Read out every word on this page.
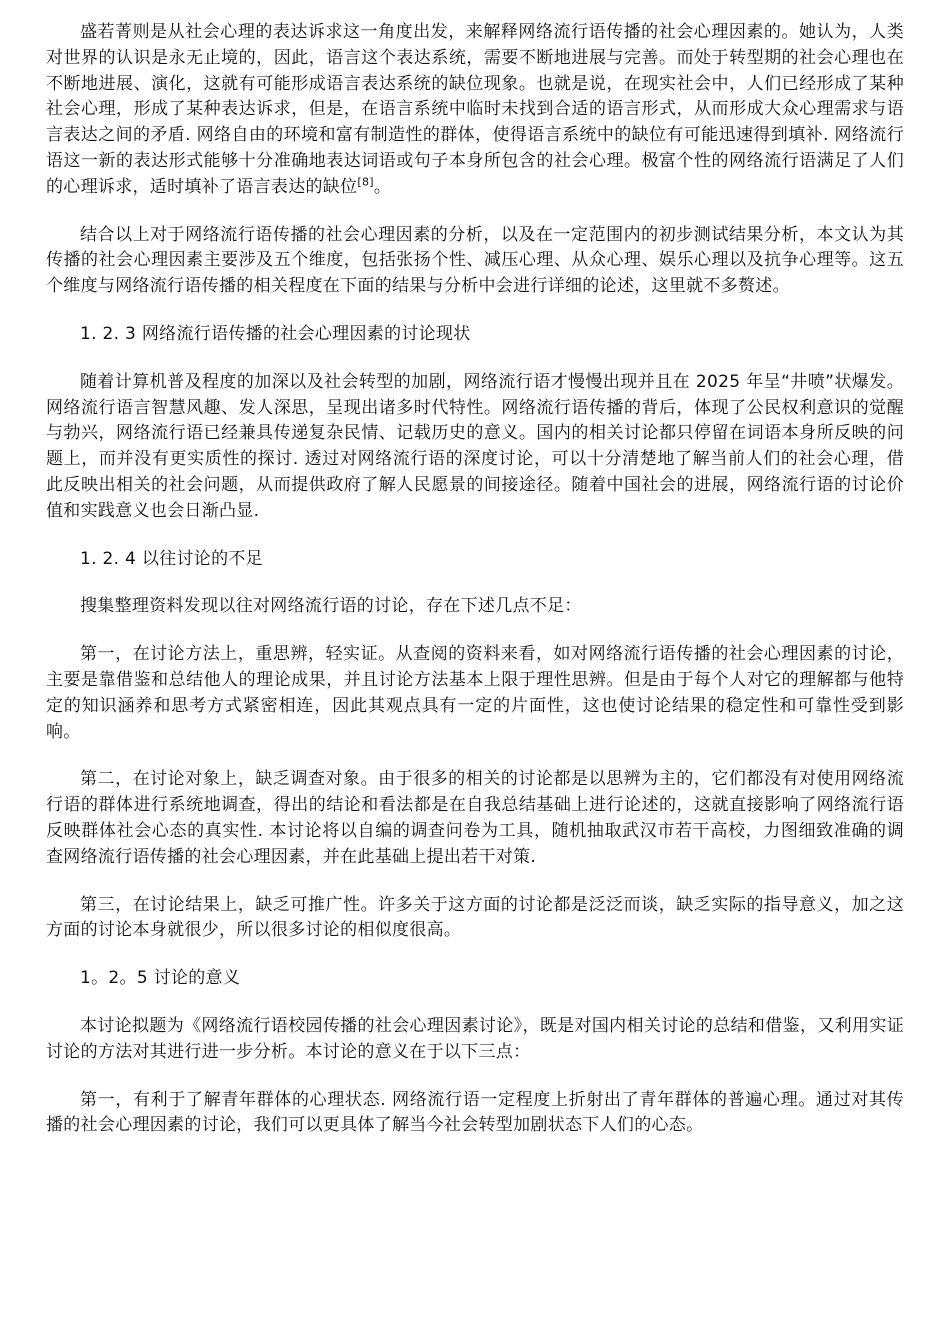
盛若菁则是从社会心理的表达诉求这一角度出发，来解释网络流行语传播的社会心理因素的。她认为，人类对世界的认识是永无止境的，因此，语言这个表达系统，需要不断地进展与完善。而处于转型期的社会心理也在不断地进展、演化，这就有可能形成语言表达系统的缺位现象。也就是说，在现实社会中，人们已经形成了某种社会心理，形成了某种表达诉求，但是，在语言系统中临时未找到合适的语言形式，从而形成大众心理需求与语言表达之间的矛盾. 网络自由的环境和富有制造性的群体，使得语言系统中的缺位有可能迅速得到填补. 网络流行语这一新的表达形式能够十分准确地表达词语或句子本身所包含的社会心理。极富个性的网络流行语满足了人们的心理诉求，适时填补了语言表达的缺位[8]。

结合以上对于网络流行语传播的社会心理因素的分析，以及在一定范围内的初步测试结果分析，本文认为其传播的社会心理因素主要涉及五个维度，包括张扬个性、减压心理、从众心理、娱乐心理以及抗争心理等。这五个维度与网络流行语传播的相关程度在下面的结果与分析中会进行详细的论述，这里就不多赘述。

1. 2. 3 网络流行语传播的社会心理因素的讨论现状

随着计算机普及程度的加深以及社会转型的加剧，网络流行语才慢慢出现并且在 2025 年呈“井喷”状爆发。网络流行语言智慧风趣、发人深思，呈现出诸多时代特性。网络流行语传播的背后，体现了公民权利意识的觉醒与勃兴，网络流行语已经兼具传递复杂民情、记载历史的意义。国内的相关讨论都只停留在词语本身所反映的问题上，而并没有更实质性的探讨. 透过对网络流行语的深度讨论，可以十分清楚地了解当前人们的社会心理，借此反映出相关的社会问题，从而提供政府了解人民愿景的间接途径。随着中国社会的进展，网络流行语的讨论价值和实践意义也会日渐凸显.

1. 2. 4 以往讨论的不足

搜集整理资料发现以往对网络流行语的讨论，存在下述几点不足：

第一，在讨论方法上，重思辨，轻实证。从查阅的资料来看，如对网络流行语传播的社会心理因素的讨论，主要是靠借鉴和总结他人的理论成果，并且讨论方法基本上限于理性思辨。但是由于每个人对它的理解都与他特定的知识涵养和思考方式紧密相连，因此其观点具有一定的片面性，这也使讨论结果的稳定性和可靠性受到影响。

第二，在讨论对象上，缺乏调查对象。由于很多的相关的讨论都是以思辨为主的，它们都没有对使用网络流行语的群体进行系统地调查，得出的结论和看法都是在自我总结基础上进行论述的，这就直接影响了网络流行语反映群体社会心态的真实性. 本讨论将以自编的调查问卷为工具，随机抽取武汉市若干高校，力图细致准确的调查网络流行语传播的社会心理因素，并在此基础上提出若干对策.

第三，在讨论结果上，缺乏可推广性。许多关于这方面的讨论都是泛泛而谈，缺乏实际的指导意义，加之这方面的讨论本身就很少，所以很多讨论的相似度很高。

1。2。5 讨论的意义

本讨论拟题为《网络流行语校园传播的社会心理因素讨论》，既是对国内相关讨论的总结和借鉴，又利用实证讨论的方法对其进行进一步分析。本讨论的意义在于以下三点：

第一，有利于了解青年群体的心理状态. 网络流行语一定程度上折射出了青年群体的普遍心理。通过对其传播的社会心理因素的讨论，我们可以更具体了解当今社会转型加剧状态下人们的心态。
